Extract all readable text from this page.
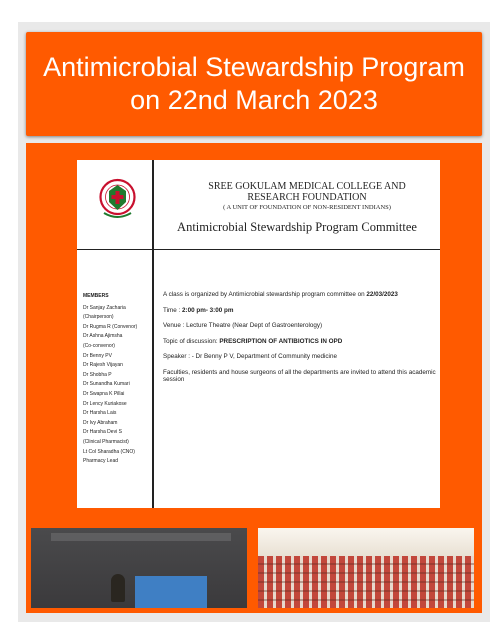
Antimicrobial Stewardship Program on 22nd March 2023
SREE GOKULAM MEDICAL COLLEGE AND
RESEARCH FOUNDATION
( A UNIT OF FOUNDATION OF NON-RESIDENT INDIANS)
Antimicrobial Stewardship Program Committee
MEMBERS
Dr Sanjay Zacharia
(Chairperson)
Dr Rugma R (Convenor)
Dr Ashna Ajimsha
(Co-convenor)
Dr Benny PV
Dr Rajesh Vijayan
Dr Shobha P
Dr Sunandha Kumari
Dr Swapna K Pillai
Dr Lency Kuriakose
Dr Harsha Lais
Dr Ivy Abraham
Dr Harsha Devi S
(Clinical Pharmacist)
Lt Col Sharadha (CNO)
Pharmacy Lead

A class is organized by Antimicrobial stewardship program committee on 22/03/2023

Time : 2:00 pm- 3:00 pm

Venue : Lecture Theatre (Near Dept of Gastroenterology)

Topic of discussion: PRESCRIPTION OF ANTIBIOTICS IN OPD

Speaker : - Dr Benny P V, Department of Community medicine

Faculties, residents and house surgeons of all the departments are invited to attend this academic session
